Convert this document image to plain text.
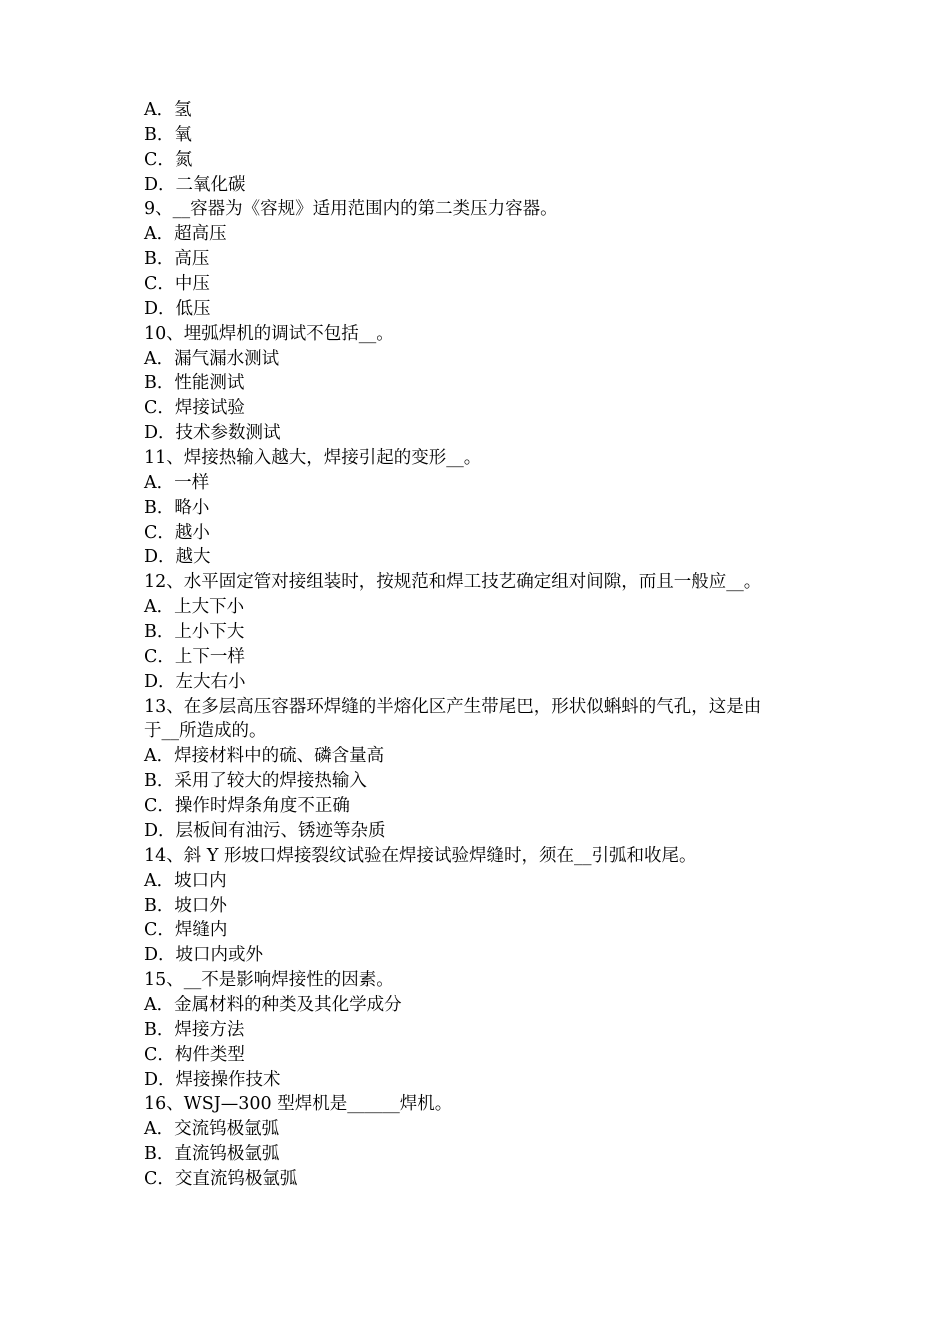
A．氢
B．氧
C．氮
D．二氧化碳
9、__容器为《容规》适用范围内的第二类压力容器。
A．超高压
B．高压
C．中压
D．低压
10、埋弧焊机的调试不包括__。
A．漏气漏水测试
B．性能测试
C．焊接试验
D．技术参数测试
11、焊接热输入越大，焊接引起的变形__。
A．一样
B．略小
C．越小
D．越大
12、水平固定管对接组装时，按规范和焊工技艺确定组对间隙，而且一般应__。
A．上大下小
B．上小下大
C．上下一样
D．左大右小
13、在多层高压容器环焊缝的半熔化区产生带尾巴，形状似蝌蚪的气孔，这是由
于__所造成的。
A．焊接材料中的硫、磷含量高
B．采用了较大的焊接热输入
C．操作时焊条角度不正确
D．层板间有油污、锈迹等杂质
14、斜 Y 形坡口焊接裂纹试验在焊接试验焊缝时，须在__引弧和收尾。
A．坡口内
B．坡口外
C．焊缝内
D．坡口内或外
15、__不是影响焊接性的因素。
A．金属材料的种类及其化学成分
B．焊接方法
C．构件类型
D．焊接操作技术
16、WSJ—300 型焊机是______焊机。
A．交流钨极氩弧
B．直流钨极氩弧
C．交直流钨极氩弧
